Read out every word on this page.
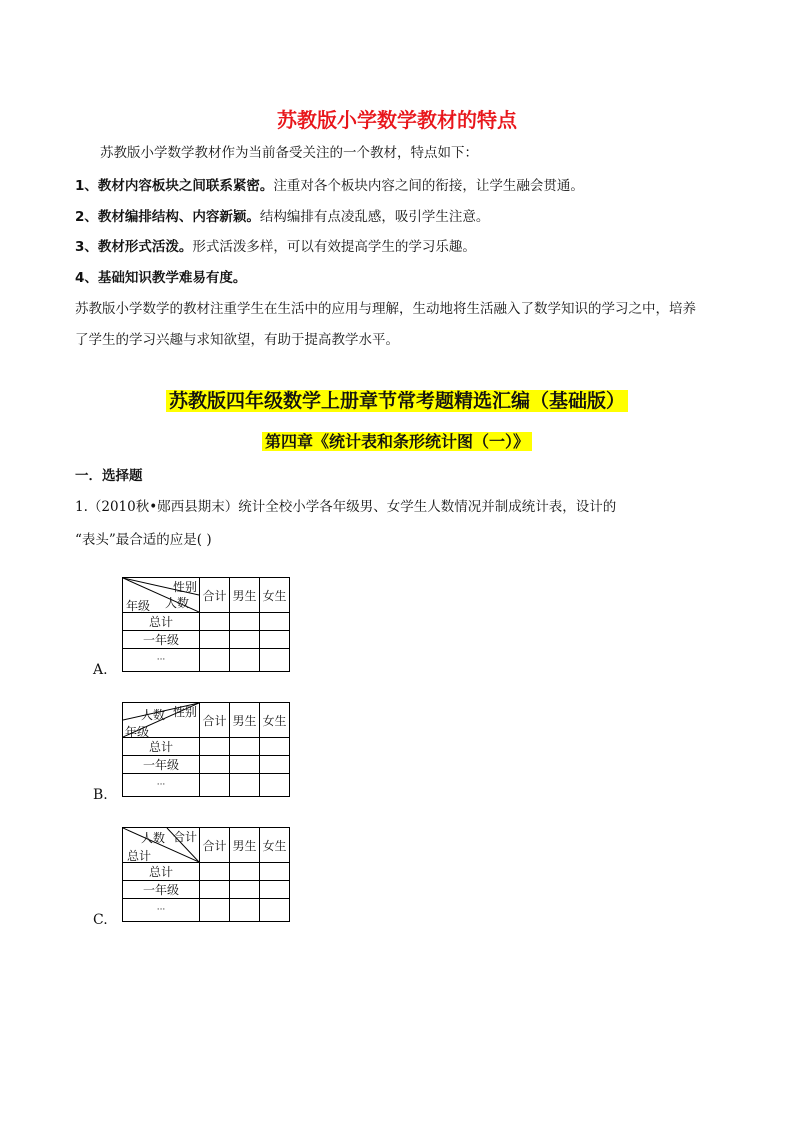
苏教版小学数学教材的特点
苏教版小学数学教材作为当前备受关注的一个教材，特点如下：
1、教材内容板块之间联系紧密。注重对各个板块内容之间的衔接，让学生融会贯通。
2、教材编排结构、内容新颖。结构编排有点凌乱感，吸引学生注意。
3、教材形式活泼。形式活泼多样，可以有效提高学生的学习乐趣。
4、基础知识教学难易有度。
苏教版小学数学的教材注重学生在生活中的应用与理解，生动地将生活融入了数学知识的学习之中，培养
了学生的学习兴趣与求知欲望，有助于提高教学水平。
苏教版四年级数学上册章节常考题精选汇编（基础版）
第四章《统计表和条形统计图（一）》
一．选择题
1.（2010秋•郧西县期末）统计全校小学各年级男、女学生人数情况并制成统计表，设计的
“表头”最合适的应是( )
性别
人数
年级	合计	男生	女生
总计			
一年级			
···			
A.
性别
人数
年级	合计	男生	女生
总计			
一年级			
···			
B.
合计
人数
总计	合计	男生	女生
总计			
一年级			
···			
C.
